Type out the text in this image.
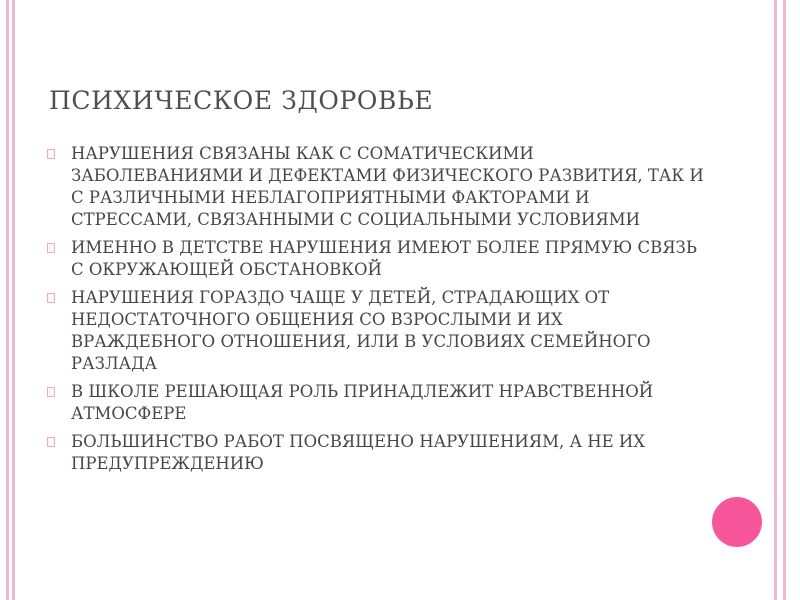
ПСИХИЧЕСКОЕ ЗДОРОВЬЕ
НАРУШЕНИЯ СВЯЗАНЫ КАК С СОМАТИЧЕСКИМИ ЗАБОЛЕВАНИЯМИ И ДЕФЕКТАМИ ФИЗИЧЕСКОГО РАЗВИТИЯ, ТАК И С РАЗЛИЧНЫМИ НЕБЛАГОПРИЯТНЫМИ ФАКТОРАМИ И СТРЕССАМИ, СВЯЗАННЫМИ С СОЦИАЛЬНЫМИ УСЛОВИЯМИ
ИМЕННО В ДЕТСТВЕ НАРУШЕНИЯ ИМЕЮТ БОЛЕЕ ПРЯМУЮ СВЯЗЬ С ОКРУЖАЮЩЕЙ ОБСТАНОВКОЙ
НАРУШЕНИЯ ГОРАЗДО ЧАЩЕ У ДЕТЕЙ, СТРАДАЮЩИХ ОТ НЕДОСТАТОЧНОГО ОБЩЕНИЯ СО ВЗРОСЛЫМИ И ИХ ВРАЖДЕБНОГО ОТНОШЕНИЯ, ИЛИ В УСЛОВИЯХ СЕМЕЙНОГО РАЗЛАДА
В ШКОЛЕ РЕШАЮЩАЯ РОЛЬ ПРИНАДЛЕЖИТ НРАВСТВЕННОЙ АТМОСФЕРЕ
БОЛЬШИНСТВО РАБОТ ПОСВЯЩЕНО НАРУШЕНИЯМ, А НЕ ИХ ПРЕДУПРЕЖДЕНИЮ
